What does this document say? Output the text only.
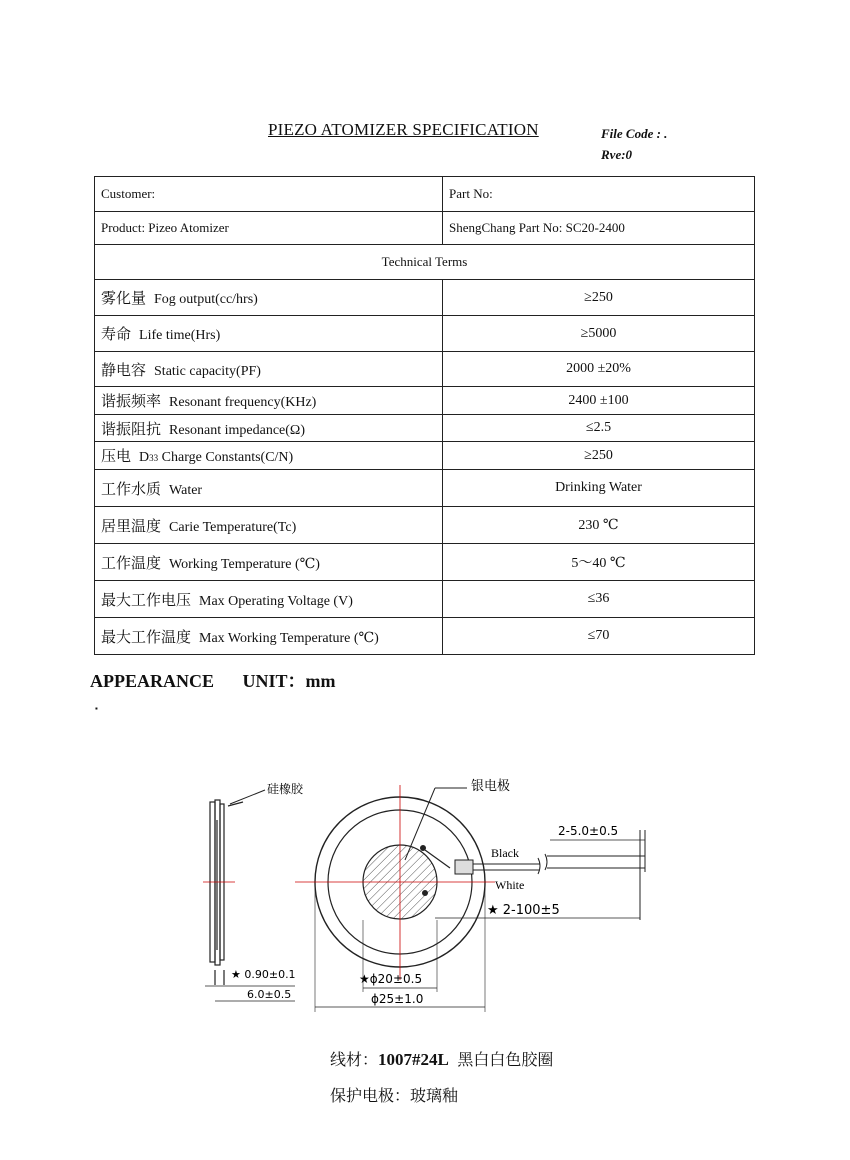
PIEZO ATOMIZER SPECIFICATION	File Code : .
Rve:0
Customer:	Part No:
Product: Pizeo Atomizer	ShengChang Part No: SC20-2400
Technical Terms	
雾化量 Fog output(cc/hrs)	≥250
寿命 Life time(Hrs)	≥5000
静电容 Static capacity(PF)	2000 ±20%
谐振频率 Resonant frequency(KHz)	2400 ±100
谐振阻抗 Resonant impedance(Ω)	≤2.5
压电 D33 Charge Constants(C/N)	≥250
工作水质 Water	Drinking Water
居里温度 Carie Temperature(Tc)	230 ℃
工作温度 Working Temperature (℃)	5～40 ℃
最大工作电压 Max Operating Voltage (V)	≤36
最大工作温度 Max Working Temperature (℃)	≤70
APPEARANCE UNIT：mm
▪
硅橡胶
★ 0.90±0.1
6.0±0.5
Black
White
2-5.0±0.5
★ 2-100±5
银电极
★ϕ20±0.5
ϕ25±1.0
线材：1007#24L 黑白白色胶圈
保护电极：玻璃釉
